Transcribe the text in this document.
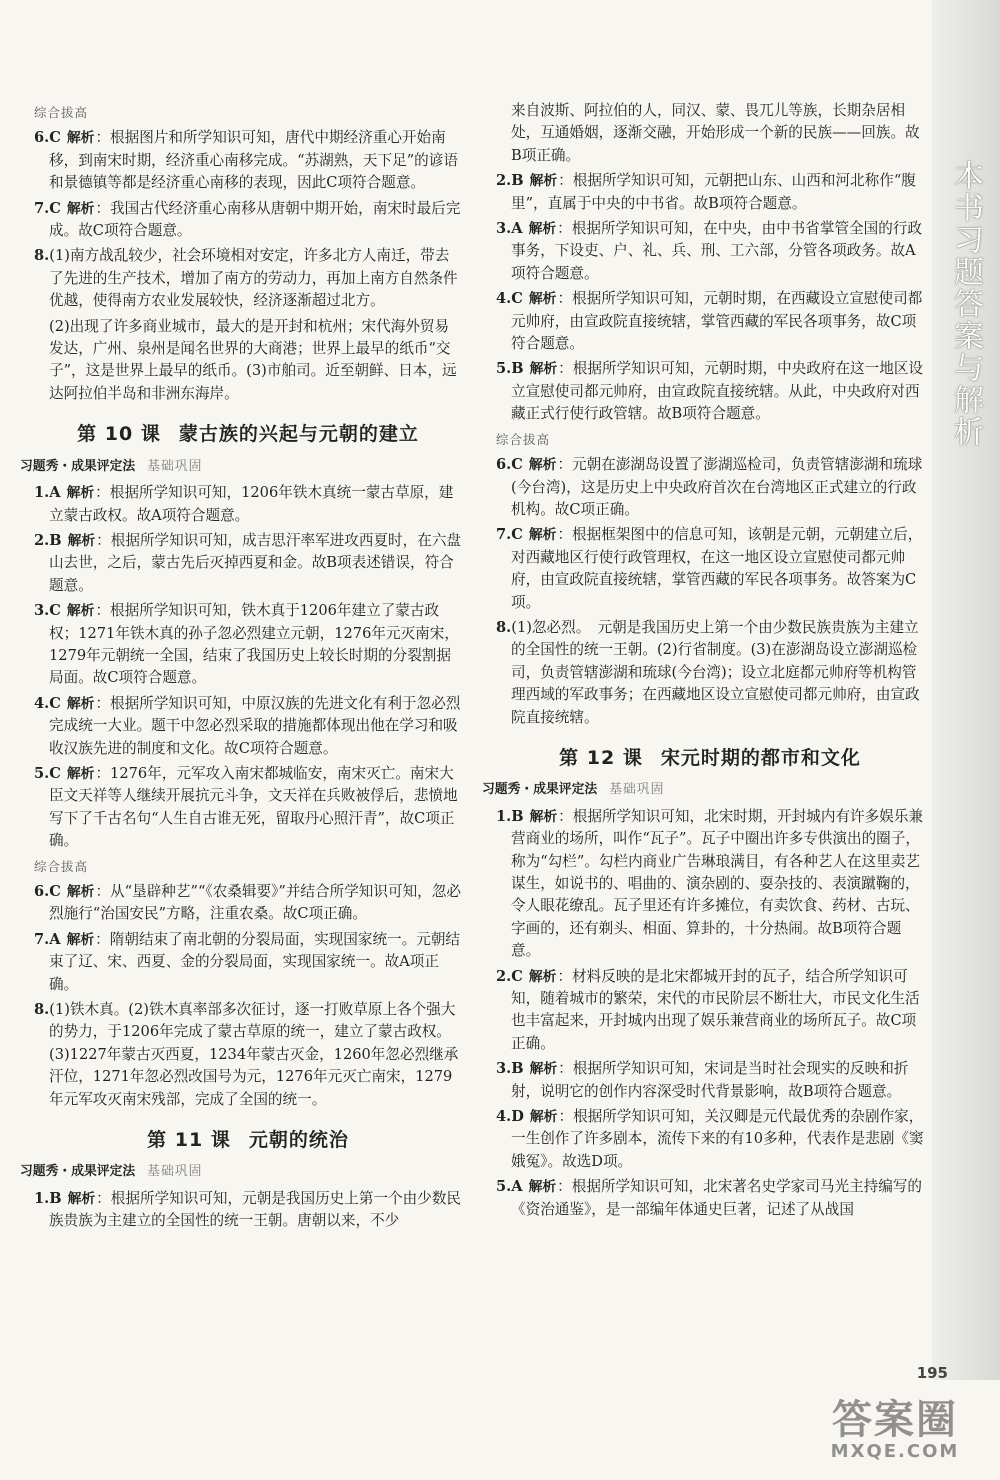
综合拔高
6.C 解析：根据图片和所学知识可知，唐代中期经济重心开始南移，到南宋时期，经济重心南移完成。“苏湖熟，天下足”的谚语和景德镇等都是经济重心南移的表现，因此C项符合题意。
7.C 解析：我国古代经济重心南移从唐朝中期开始，南宋时最后完成。故C项符合题意。
8.(1)南方战乱较少，社会环境相对安定，许多北方人南迁，带去了先进的生产技术，增加了南方的劳动力，再加上南方自然条件优越，使得南方农业发展较快，经济逐渐超过北方。
(2)出现了许多商业城市，最大的是开封和杭州；宋代海外贸易发达，广州、泉州是闻名世界的大商港；世界上最早的纸币“交子”，这是世界上最早的纸币。(3)市舶司。近至朝鲜、日本，远达阿拉伯半岛和非洲东海岸。
第 10 课 蒙古族的兴起与元朝的建立
习题秀・成果评定法 基础巩固
1.A 解析：根据所学知识可知，1206年铁木真统一蒙古草原，建立蒙古政权。故A项符合题意。
2.B 解析：根据所学知识可知，成吉思汗率军进攻西夏时，在六盘山去世，之后，蒙古先后灭掉西夏和金。故B项表述错误，符合题意。
3.C 解析：根据所学知识可知，铁木真于1206年建立了蒙古政权；1271年铁木真的孙子忽必烈建立元朝，1276年元灭南宋，1279年元朝统一全国，结束了我国历史上较长时期的分裂割据局面。故C项符合题意。
4.C 解析：根据所学知识可知，中原汉族的先进文化有利于忽必烈完成统一大业。题干中忽必烈采取的措施都体现出他在学习和吸收汉族先进的制度和文化。故C项符合题意。
5.C 解析：1276年，元军攻入南宋都城临安，南宋灭亡。南宋大臣文天祥等人继续开展抗元斗争，文天祥在兵败被俘后，悲愤地写下了千古名句“人生自古谁无死，留取丹心照汗青”，故C项正确。
综合拔高
6.C 解析：从“垦辟种艺”“《农桑辑要》”并结合所学知识可知，忽必烈施行“治国安民”方略，注重农桑。故C项正确。
7.A 解析：隋朝结束了南北朝的分裂局面，实现国家统一。元朝结束了辽、宋、西夏、金的分裂局面，实现国家统一。故A项正确。
8.(1)铁木真。(2)铁木真率部多次征讨，逐一打败草原上各个强大的势力，于1206年完成了蒙古草原的统一，建立了蒙古政权。(3)1227年蒙古灭西夏，1234年蒙古灭金，1260年忽必烈继承汗位，1271年忽必烈改国号为元，1276年元灭亡南宋，1279年元军攻灭南宋残部，完成了全国的统一。
第 11 课 元朝的统治
习题秀・成果评定法 基础巩固
1.B 解析：根据所学知识可知，元朝是我国历史上第一个由少数民族贵族为主建立的全国性的统一王朝。唐朝以来，不少
来自波斯、阿拉伯的人，同汉、蒙、畏兀儿等族，长期杂居相处，互通婚姻，逐渐交融，开始形成一个新的民族——回族。故B项正确。
2.B 解析：根据所学知识可知，元朝把山东、山西和河北称作“腹里”，直属于中央的中书省。故B项符合题意。
3.A 解析：根据所学知识可知，在中央，由中书省掌管全国的行政事务，下设吏、户、礼、兵、刑、工六部，分管各项政务。故A项符合题意。
4.C 解析：根据所学知识可知，元朝时期，在西藏设立宣慰使司都元帅府，由宣政院直接统辖，掌管西藏的军民各项事务，故C项符合题意。
5.B 解析：根据所学知识可知，元朝时期，中央政府在这一地区设立宣慰使司都元帅府，由宣政院直接统辖。从此，中央政府对西藏正式行使行政管辖。故B项符合题意。
综合拔高
6.C 解析：元朝在澎湖岛设置了澎湖巡检司，负责管辖澎湖和琉球(今台湾)，这是历史上中央政府首次在台湾地区正式建立的行政机构。故C项正确。
7.C 解析：根据框架图中的信息可知，该朝是元朝，元朝建立后，对西藏地区行使行政管理权，在这一地区设立宣慰使司都元帅府，由宣政院直接统辖，掌管西藏的军民各项事务。故答案为C项。
8.(1)忽必烈。　元朝是我国历史上第一个由少数民族贵族为主建立的全国性的统一王朝。(2)行省制度。(3)在澎湖岛设立澎湖巡检司，负责管辖澎湖和琉球(今台湾)；设立北庭都元帅府等机构管理西域的军政事务；在西藏地区设立宣慰使司都元帅府，由宣政院直接统辖。
第 12 课 宋元时期的都市和文化
习题秀・成果评定法 基础巩固
1.B 解析：根据所学知识可知，北宋时期，开封城内有许多娱乐兼营商业的场所，叫作“瓦子”。瓦子中圈出许多专供演出的圈子，称为“勾栏”。勾栏内商业广告琳琅满目，有各种艺人在这里卖艺谋生，如说书的、唱曲的、演杂剧的、耍杂技的、表演蹴鞠的，令人眼花缭乱。瓦子里还有许多摊位，有卖饮食、药材、古玩、字画的，还有剃头、相面、算卦的，十分热闹。故B项符合题意。
2.C 解析：材料反映的是北宋都城开封的瓦子，结合所学知识可知，随着城市的繁荣，宋代的市民阶层不断壮大，市民文化生活也丰富起来，开封城内出现了娱乐兼营商业的场所瓦子。故C项正确。
3.B 解析：根据所学知识可知，宋词是当时社会现实的反映和折射，说明它的创作内容深受时代背景影响，故B项符合题意。
4.D 解析：根据所学知识可知，关汉卿是元代最优秀的杂剧作家，一生创作了许多剧本，流传下来的有10多种，代表作是悲剧《窦娥冤》。故选D项。
5.A 解析：根据所学知识可知，北宋著名史学家司马光主持编写的《资治通鉴》，是一部编年体通史巨著，记述了从战国
本书习题答案与解析
195
答案圈
MXQE.COM
